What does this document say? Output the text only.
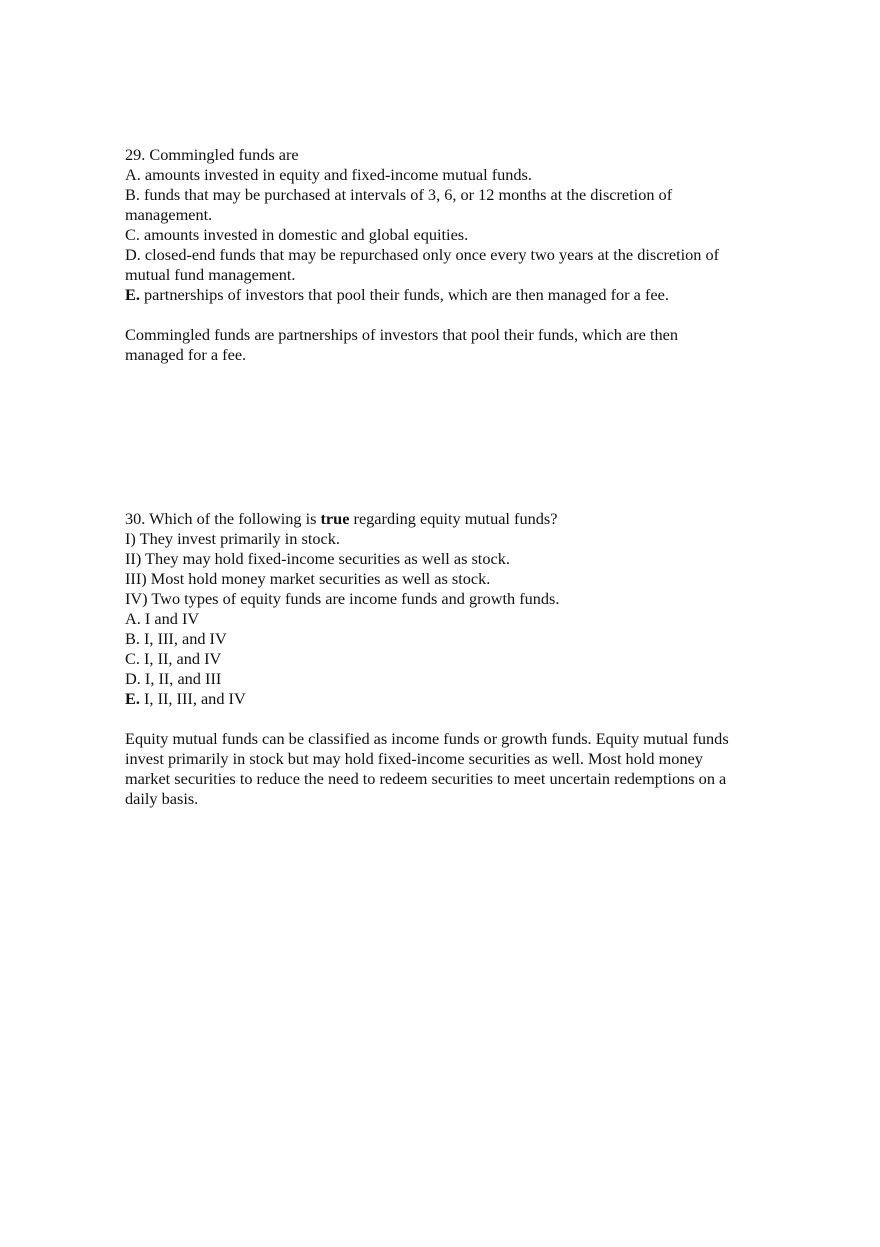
29. Commingled funds are
A. amounts invested in equity and fixed-income mutual funds.
B. funds that may be purchased at intervals of 3, 6, or 12 months at the discretion of
management.
C. amounts invested in domestic and global equities.
D. closed-end funds that may be repurchased only once every two years at the discretion of
mutual fund management.
E. partnerships of investors that pool their funds, which are then managed for a fee.
Commingled funds are partnerships of investors that pool their funds, which are then
managed for a fee.
30. Which of the following is true regarding equity mutual funds?
I) They invest primarily in stock.
II) They may hold fixed-income securities as well as stock.
III) Most hold money market securities as well as stock.
IV) Two types of equity funds are income funds and growth funds.
A. I and IV
B. I, III, and IV
C. I, II, and IV
D. I, II, and III
E. I, II, III, and IV
Equity mutual funds can be classified as income funds or growth funds. Equity mutual funds
invest primarily in stock but may hold fixed-income securities as well. Most hold money
market securities to reduce the need to redeem securities to meet uncertain redemptions on a
daily basis.
